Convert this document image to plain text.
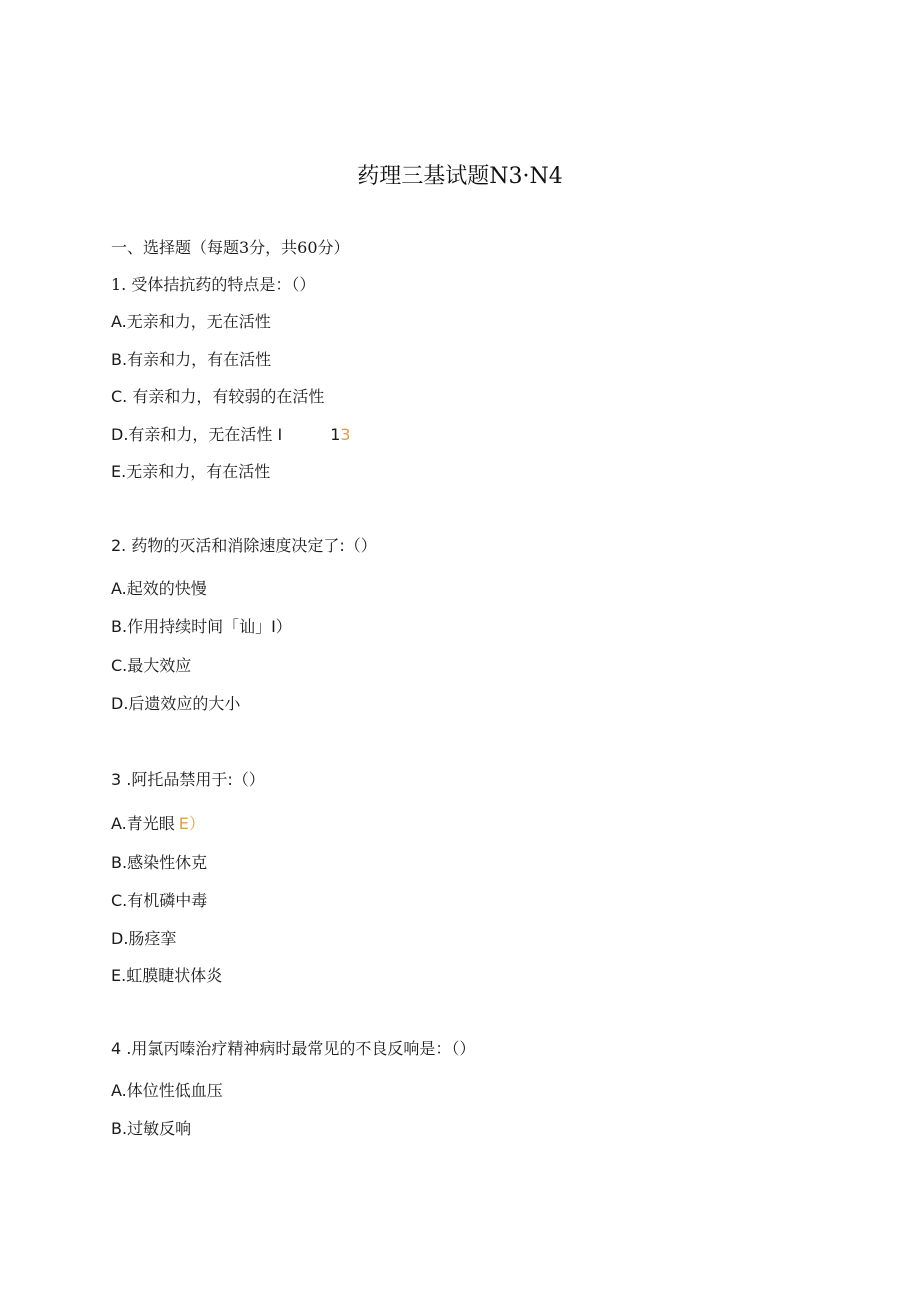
药理三基试题N3·N4
一、选择题（每题3分，共60分）
1. 受体拮抗药的特点是：（）
A.无亲和力，无在活性
B.有亲和力，有在活性
C. 有亲和力，有较弱的在活性
D.有亲和力，无在活性 I	13
E.无亲和力，有在活性
2. 药物的灭活和消除速度决定了:（）
A.起效的快慢
B.作用持续时间「讪」I）
C.最大效应
D.后遗效应的大小
3 .阿托品禁用于:（）
A.青光眼 E）
B.感染性休克
C.有机磷中毒
D.肠痉挛
E.虹膜睫状体炎
4 .用氯丙嗪治疗精神病时最常见的不良反响是：（）
A.体位性低血压
B.过敏反响
